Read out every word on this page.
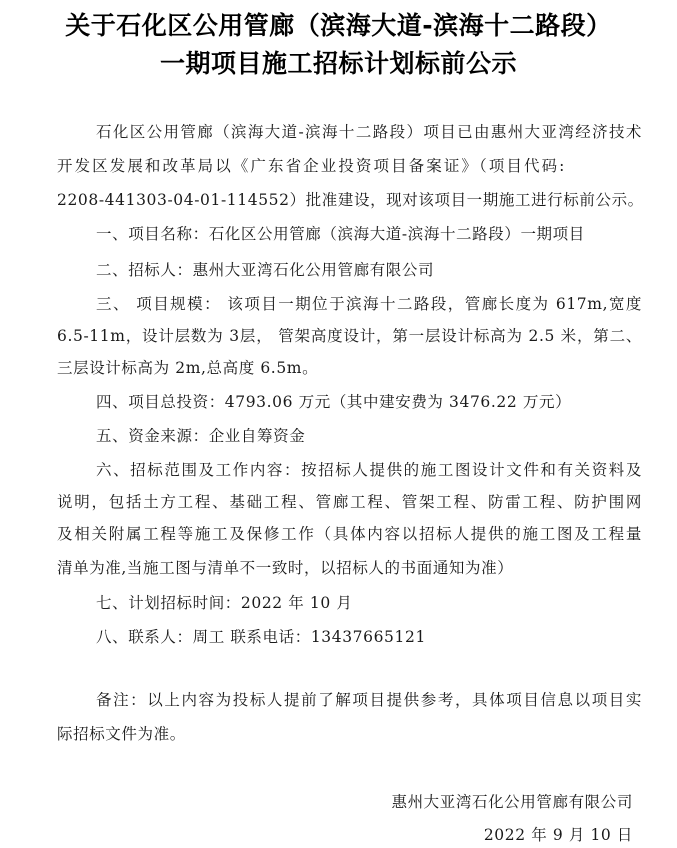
关于石化区公用管廊（滨海大道-滨海十二路段）
一期项目施工招标计划标前公示
石化区公用管廊（滨海大道-滨海十二路段）项目已由惠州大亚湾经济技术
开发区发展和改革局以《广东省企业投资项目备案证》（项目代码:
2208-441303-04-01-114552）批准建设，现对该项目一期施工进行标前公示。
一、项目名称：石化区公用管廊（滨海大道-滨海十二路段）一期项目
二、招标人：惠州大亚湾石化公用管廊有限公司
三、 项目规模： 该项目一期位于滨海十二路段，管廊长度为 617m,宽度
6.5-11m，设计层数为 3层， 管架高度设计，第一层设计标高为 2.5 米，第二、
三层设计标高为 2m,总高度 6.5m。
四、项目总投资：4793.06 万元（其中建安费为 3476.22 万元）
五、资金来源：企业自筹资金
六、招标范围及工作内容：按招标人提供的施工图设计文件和有关资料及
说明，包括土方工程、基础工程、管廊工程、管架工程、防雷工程、防护围网
及相关附属工程等施工及保修工作（具体内容以招标人提供的施工图及工程量
清单为准,当施工图与清单不一致时，以招标人的书面通知为准）
七、计划招标时间：2022 年 10 月
八、联系人：周工 联系电话：13437665121
备注：以上内容为投标人提前了解项目提供参考，具体项目信息以项目实
际招标文件为准。
惠州大亚湾石化公用管廊有限公司
2022 年 9 月 10 日
